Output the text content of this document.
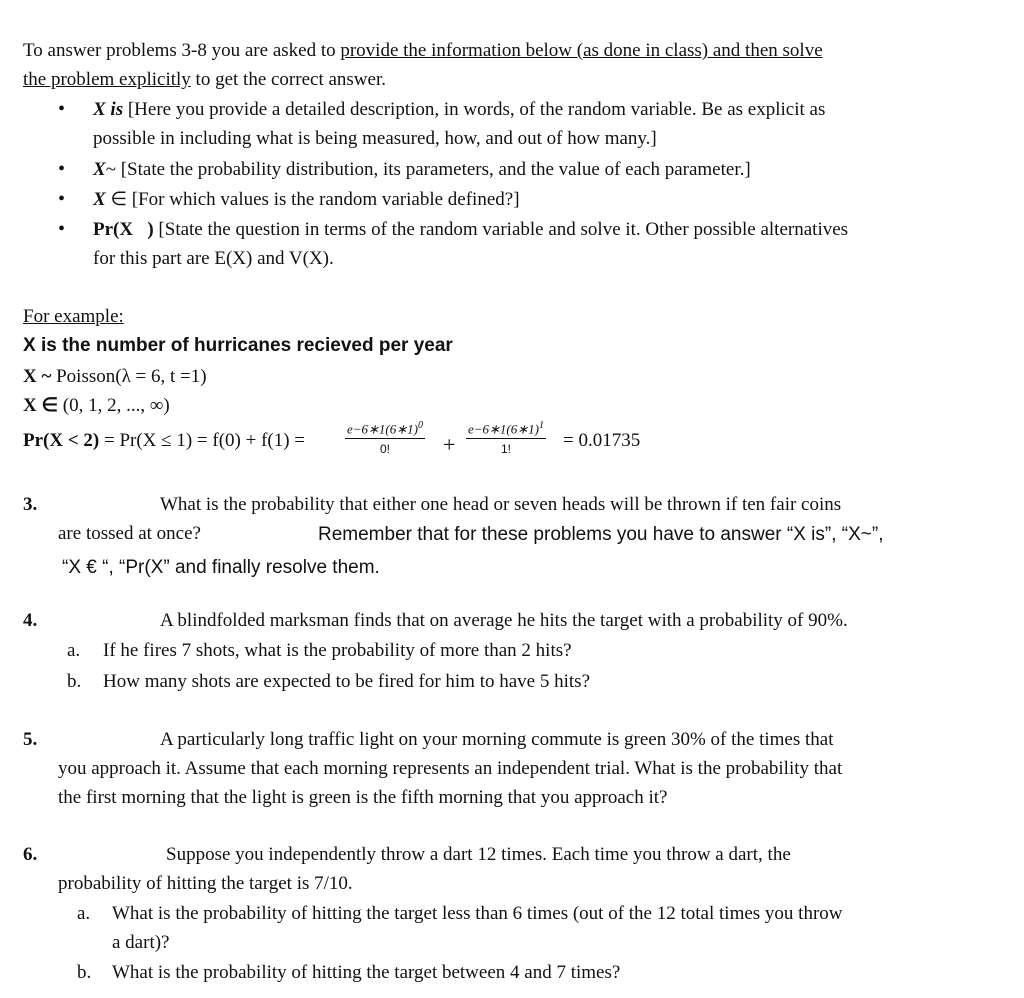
To answer problems 3-8 you are asked to provide the information below (as done in class) and then solve
the problem explicitly to get the correct answer.
• X is [Here you provide a detailed description, in words, of the random variable. Be as explicit as
possible in including what is being measured, how, and out of how many.]
• X~ [State the probability distribution, its parameters, and the value of each parameter.]
• X ∈ [For which values is the random variable defined?]
• Pr(X   ) [State the question in terms of the random variable and solve it. Other possible alternatives
for this part are E(X) and V(X).
For example:
X is the number of hurricanes recieved per year
X ~ Poisson(λ = 6, t =1)
X ∈ (0, 1, 2, ..., ∞)
Pr(X < 2) = Pr(X ≤ 1) = f(0) + f(1) =	$\frac{e-6∗1(6∗1)^0}{0!} + \frac{e-6∗1(6∗1)^1}{1!} = 0.01735$
3.	What is the probability that either one head or seven heads will be thrown if ten fair coins
are tossed at once?	Remember that for these problems you have to answer “X is”, “X~”,
“X € “, “Pr(X” and finally resolve them.
4.	A blindfolded marksman finds that on average he hits the target with a probability of 90%.
a. If he fires 7 shots, what is the probability of more than 2 hits?
b. How many shots are expected to be fired for him to have 5 hits?
5.	A particularly long traffic light on your morning commute is green 30% of the times that
you approach it. Assume that each morning represents an independent trial. What is the probability that
the first morning that the light is green is the fifth morning that you approach it?
6.	Suppose you independently throw a dart 12 times. Each time you throw a dart, the
probability of hitting the target is 7/10.
a. What is the probability of hitting the target less than 6 times (out of the 12 total times you throw
a dart)?
b. What is the probability of hitting the target between 4 and 7 times?
